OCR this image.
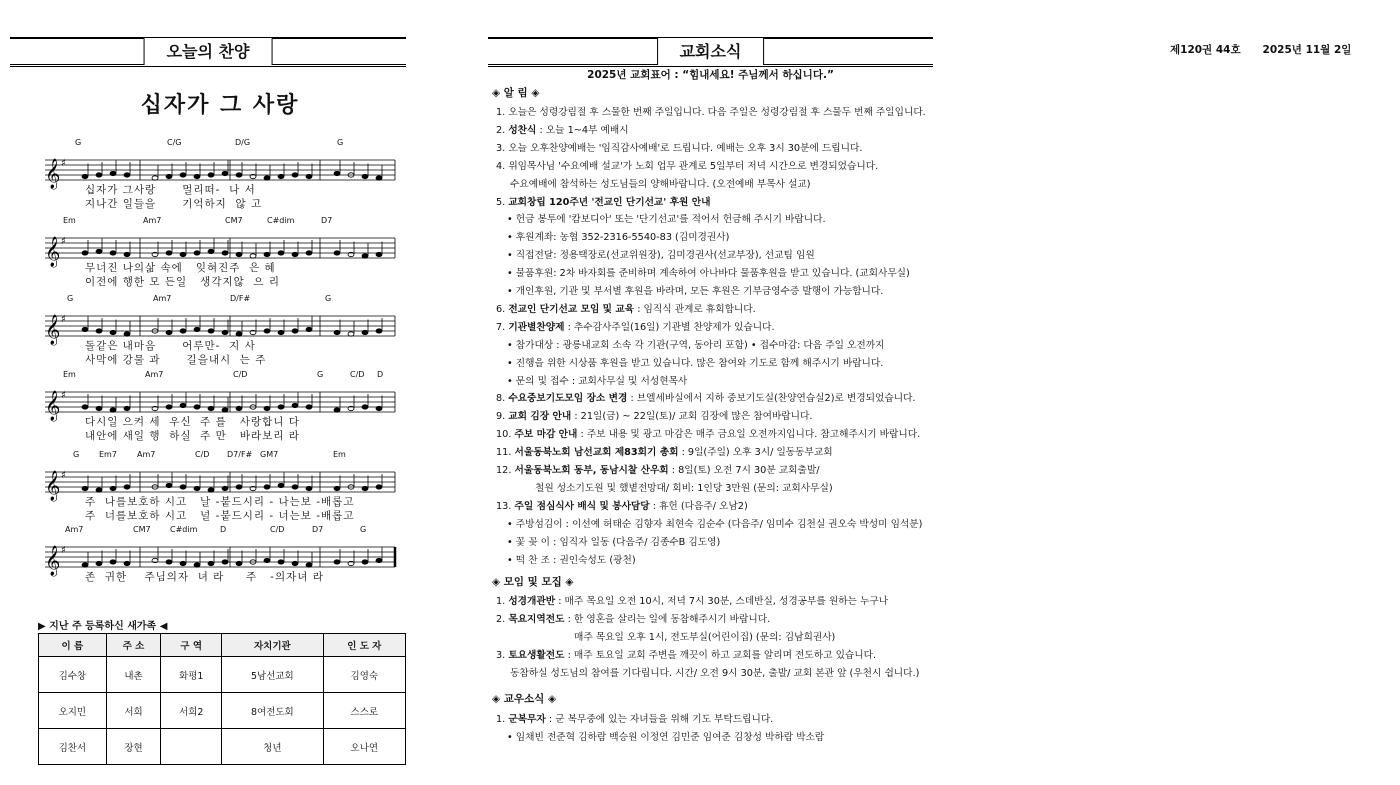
오늘의 찬양
십자가 그 사랑
G	C/G	D/G	G
𝄞 ♯
십자가 그사랑      멀리떠-  나 서
지나간 일들을      기억하지  않 고
Em	Am7	CM7	C#dim	D7
𝄞 ♯
무너진 나의삶 속에   잊혀진주  은 혜
이전에 행한 모 든일   생각지않  으 리
G	Am7	D/F#	G
𝄞 ♯
돌같은 내마음      어루만-  지 사
사막에 강물 과      길을내시  는 주
Em	Am7	C/D	G	C/D D
𝄞 ♯
다시일 으켜 세  우신  주 를   사랑합니 다
내안에 새일 행  하실  주 만   바라보리 라
G Em7	Am7	C/D D7/F# GM7	Em
𝄞 ♯
주  나를보호하 시고   날 -붙드시리 - 나는보 -배롭고
주  너를보호하 시고   널 -붙드시리 - 너는보 -배롭고
Am7	CM7 C#dim	D	C/D	D7	G
𝄞 ♯
존  귀한    주님의자  녀 라     주   -의자녀 라
▶ 지난 주 등록하신 새가족 ◀
이 름	주 소	구 역	자치기관	인 도 자
김수창	내촌	화평1	5남선교회	김영숙
오지민	서희	서희2	8여전도회	스스로
김찬서	장현		청년	오나연
교회소식	제120권 44호      2025년 11월 2일
2025년 교회표어 : “힘내세요! 주님께서 하십니다.”
◈ 알 림 ◈
1. 오늘은 성령강림절 후 스물한 번째 주일입니다. 다음 주일은 성령강림절 후 스물두 번째 주일입니다.
2. 성찬식 : 오늘 1~4부 예배시
3. 오늘 오후찬양예배는 '임직감사예배'로 드립니다. 예배는 오후 3시 30분에 드립니다.
4. 위임목사님 '수요예배 설교'가 노회 업무 관계로 5일부터 저녁 시간으로 변경되었습니다.
수요예배에 참석하는 성도님들의 양해바랍니다. (오전예배 부목사 설교)
5. 교회창립 120주년 '전교인 단기선교' 후원 안내
• 헌금 봉투에 '캄보디아' 또는 '단기선교'를 적어서 헌금해 주시기 바랍니다.
• 후원계좌: 농협 352-2316-5540-83 (김미경권사)
• 직접전달: 정용택장로(선교위원장), 김미경권사(선교부장), 선교팀 임원
• 물품후원: 2차 바자회를 준비하며 계속하여 아나바다 물품후원을 받고 있습니다. (교회사무실)
• 개인후원, 기관 및 부서별 후원을 바라며, 모든 후원은 기부금영수증 발행이 가능합니다.
6. 전교인 단기선교 모임 및 교육 : 임직식 관계로 휴회합니다.
7. 기관별찬양제 : 추수감사주일(16일) 기관별 찬양제가 있습니다.
• 참가대상 : 광릉내교회 소속 각 기관(구역, 동아리 포함) • 접수마감: 다음 주일 오전까지
• 진행을 위한 시상품 후원을 받고 있습니다. 많은 참여와 기도로 함께 해주시기 바랍니다.
• 문의 및 접수 : 교회사무실 및 서성현목사
8. 수요중보기도모임 장소 변경 : 브엘세바실에서 지하 중보기도실(찬양연습실2)로 변경되었습니다.
9. 교회 김장 안내 : 21일(금) ~ 22일(토)/ 교회 김장에 많은 참여바랍니다.
10. 주보 마감 안내 : 주보 내용 및 광고 마감은 매주 금요일 오전까지입니다. 참고해주시기 바랍니다.
11. 서울동북노회 남선교회 제83회기 총회 : 9일(주일) 오후 3시/ 일동동부교회
12. 서울동북노회 동부, 동남시찰 산우회 : 8일(토) 오전 7시 30분 교회출발/
철원 성소기도원 및 했볕전망대/ 회비: 1인당 3만원 (문의: 교회사무실)
13. 주일 점심식사 배식 및 봉사담당 : 휴헌 (다음주/ 오남2)
• 주방섬김이 : 이선예 허태순 김향자 최현숙 김순수 (다음주/ 임미수 김천실 권오숙 박성미 임석분)
• 꽃 꽂 이 : 임직자 일동 (다음주/ 김종수B 김도영)
• 떡 찬 조 : 권인숙성도 (광천)
◈ 모임 및 모집 ◈
1. 성경개관반 : 매주 목요일 오전 10시, 저녁 7시 30분, 스데반실, 성경공부를 원하는 누구나
2. 목요지역전도 : 한 영혼을 살리는 일에 동참해주시기 바랍니다.
매주 목요일 오후 1시, 전도부실(어린이집) (문의: 김남희권사)
3. 토요생활전도 : 매주 토요일 교회 주변을 깨끗이 하고 교회를 알리며 전도하고 있습니다.
동참하실 성도님의 참여를 기다립니다. 시간/ 오전 9시 30분, 출발/ 교회 본관 앞 (우천시 쉽니다.)
◈ 교우소식 ◈
1. 군복무자 : 군 복무중에 있는 자녀들을 위해 기도 부탁드립니다.
• 임채빈 전준혁 김하람 백승원 이정연 김민준 임여준 김창성 박하람 박소람
